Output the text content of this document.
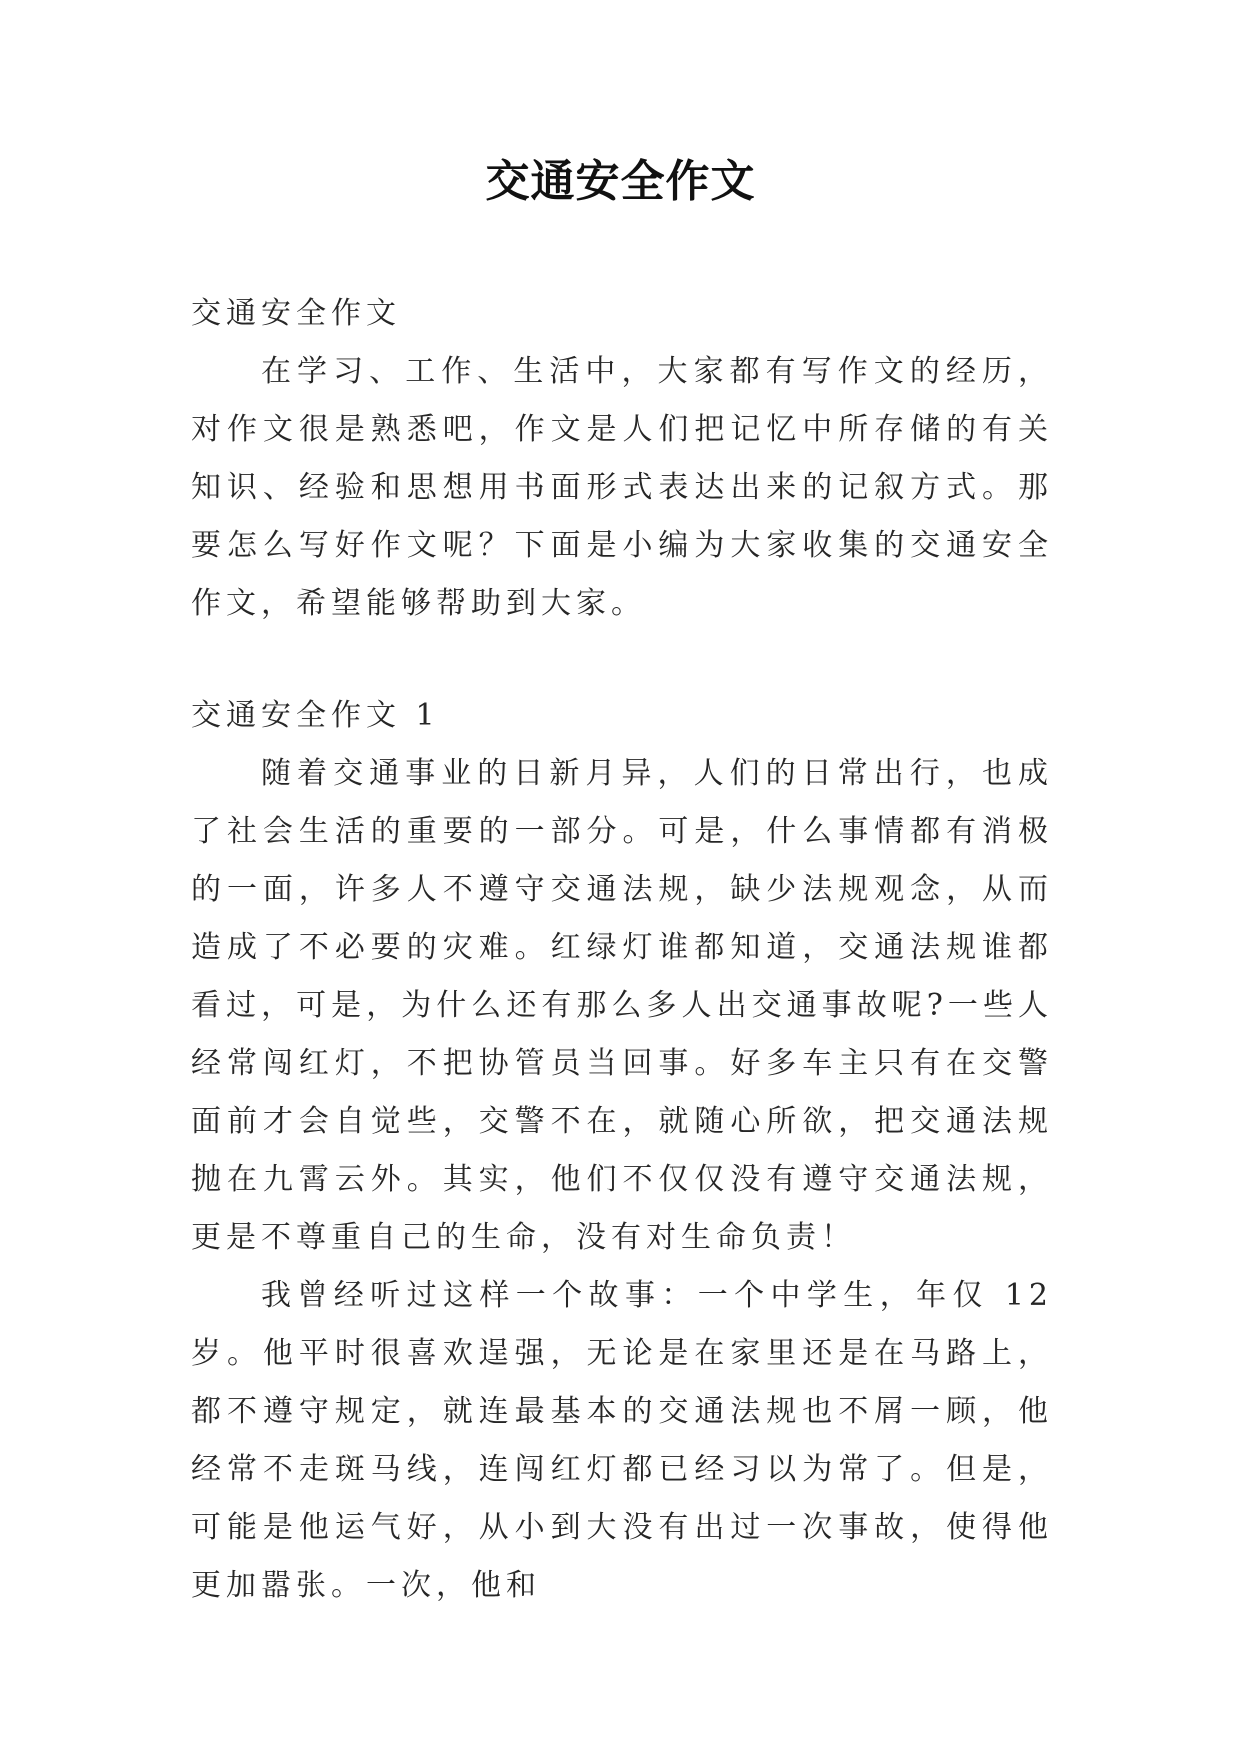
交通安全作文

交通安全作文

在学习、工作、生活中，大家都有写作文的经历，对作文很是熟悉吧，作文是人们把记忆中所存储的有关知识、经验和思想用书面形式表达出来的记叙方式。那要怎么写好作文呢？下面是小编为大家收集的交通安全作文，希望能够帮助到大家。

交通安全作文 1

随着交通事业的日新月异，人们的日常出行，也成了社会生活的重要的一部分。可是，什么事情都有消极的一面，许多人不遵守交通法规，缺少法规观念，从而造成了不必要的灾难。红绿灯谁都知道，交通法规谁都看过，可是，为什么还有那么多人出交通事故呢?一些人经常闯红灯，不把协管员当回事。好多车主只有在交警面前才会自觉些，交警不在，就随心所欲，把交通法规抛在九霄云外。其实，他们不仅仅没有遵守交通法规，更是不尊重自己的生命，没有对生命负责！

我曾经听过这样一个故事：一个中学生，年仅 12 岁。他平时很喜欢逞强，无论是在家里还是在马路上，都不遵守规定，就连最基本的交通法规也不屑一顾，他经常不走斑马线，连闯红灯都已经习以为常了。但是，可能是他运气好，从小到大没有出过一次事故，使得他更加嚣张。一次，他和
